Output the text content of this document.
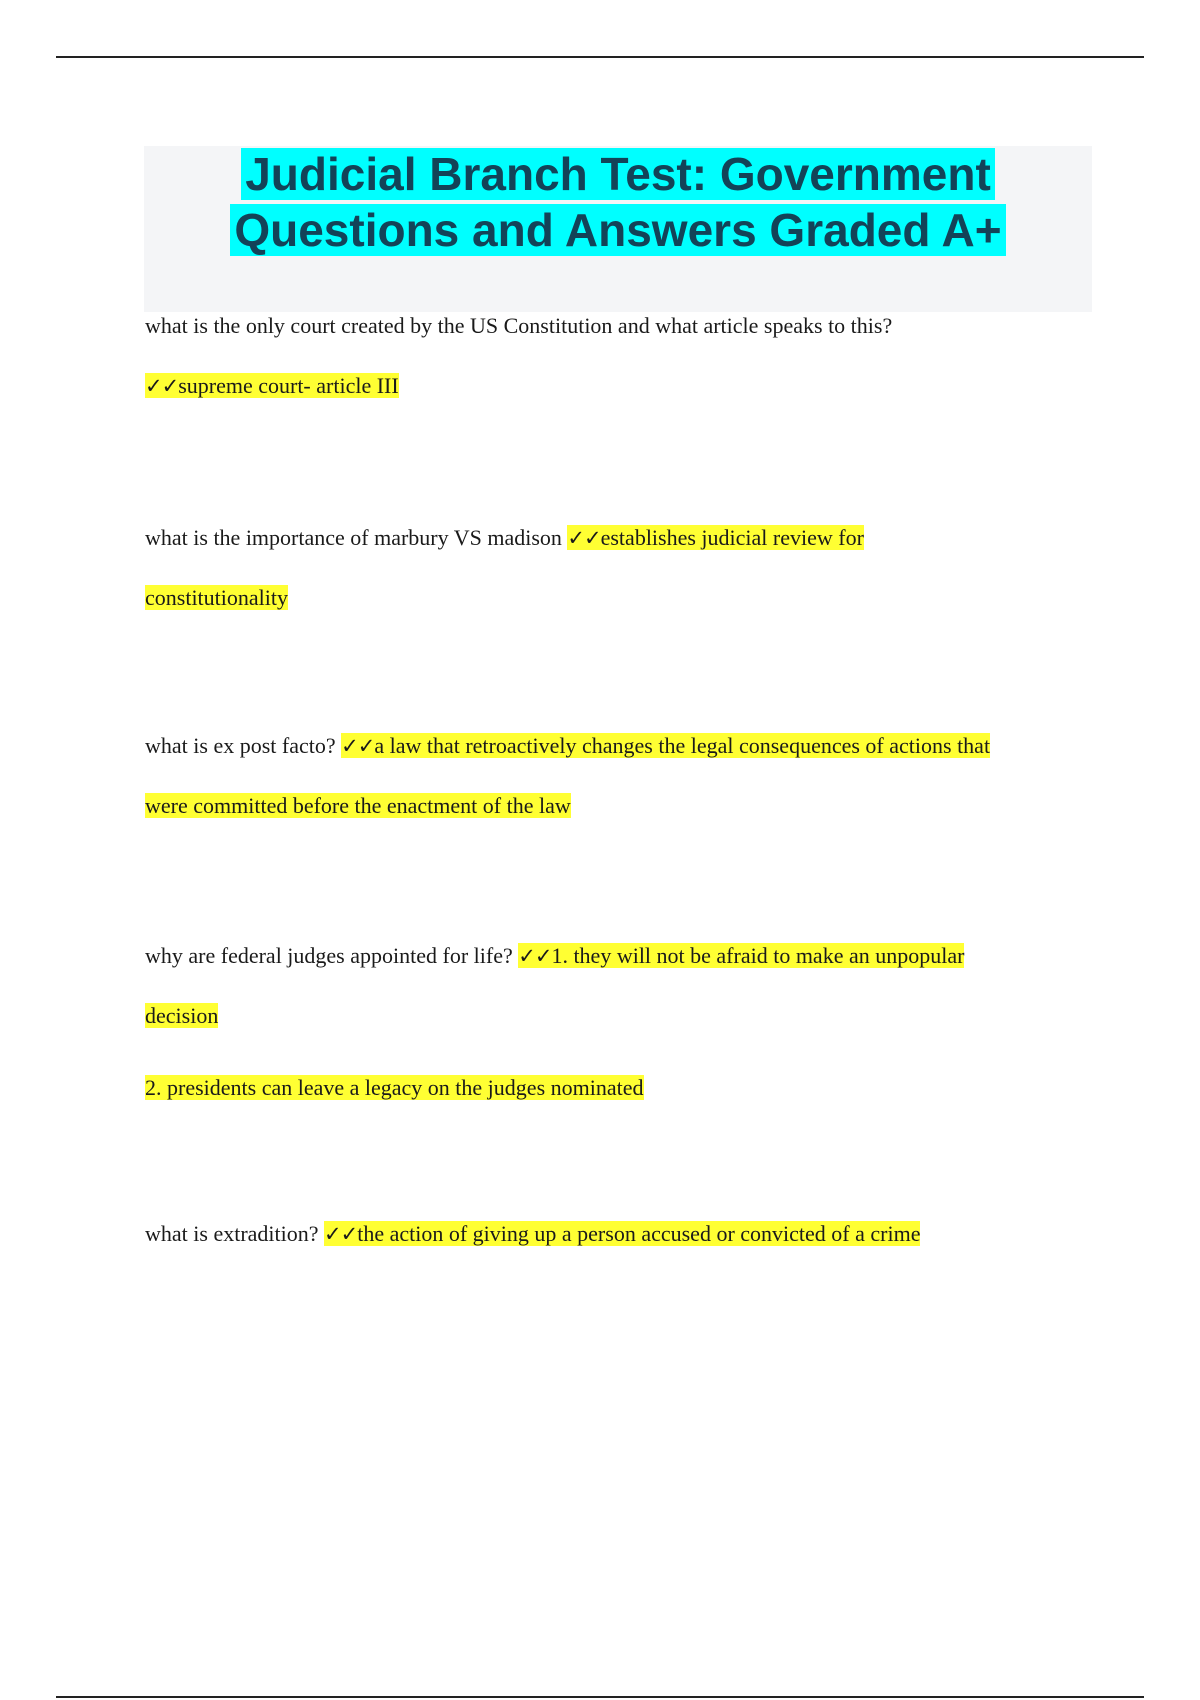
Judicial Branch Test: Government
Questions and Answers Graded A+
what is the only court created by the US Constitution and what article speaks to this?
✓✓supreme court- article III
what is the importance of marbury VS madison ✓✓establishes judicial review for
constitutionality
what is ex post facto? ✓✓a law that retroactively changes the legal consequences of actions that
were committed before the enactment of the law
why are federal judges appointed for life? ✓✓1. they will not be afraid to make an unpopular
decision
2. presidents can leave a legacy on the judges nominated
what is extradition? ✓✓the action of giving up a person accused or convicted of a crime
